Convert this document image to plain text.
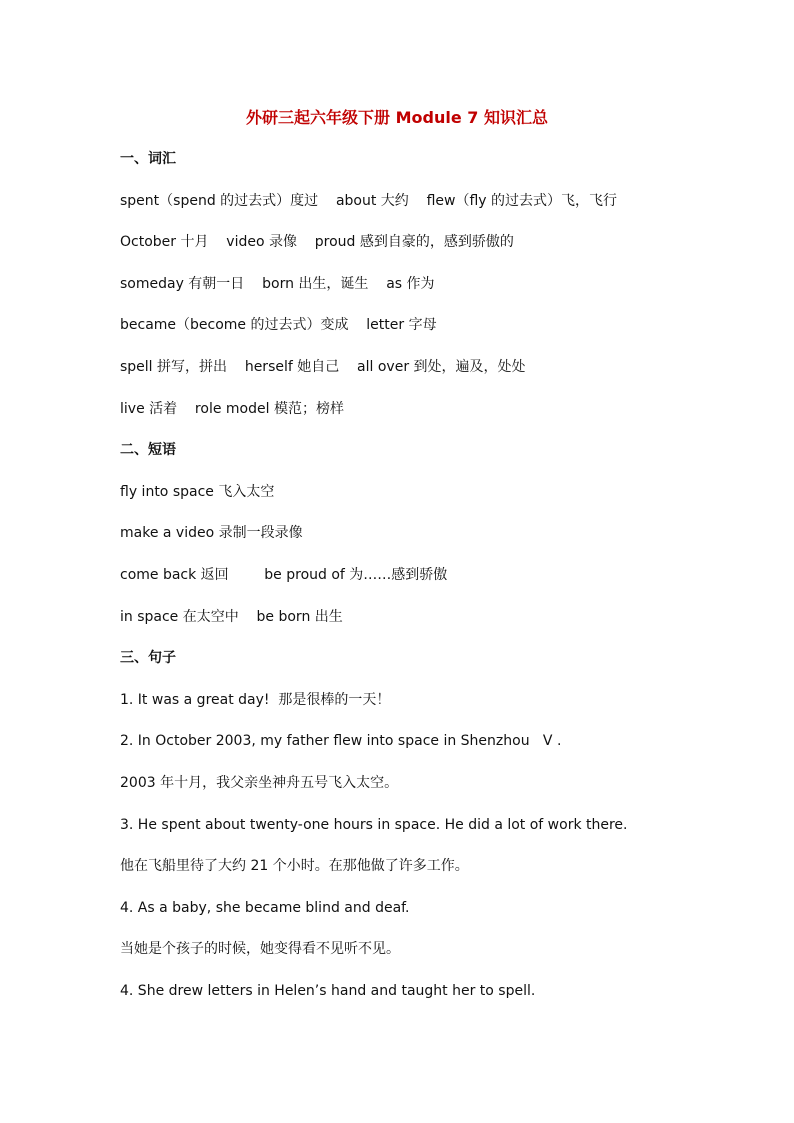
外研三起六年级下册 Module 7 知识汇总
一、词汇
spent（spend 的过去式）度过    about 大约    flew（fly 的过去式）飞，飞行
October 十月    video 录像    proud 感到自豪的，感到骄傲的
someday 有朝一日    born 出生，诞生    as 作为
became（become 的过去式）变成    letter 字母
spell 拼写，拼出    herself 她自己    all over 到处，遍及，处处
live 活着    role model 模范；榜样
二、短语
fly into space 飞入太空
make a video 录制一段录像
come back 返回        be proud of 为……感到骄傲
in space 在太空中    be born 出生
三、句子
1. It was a great day!  那是很棒的一天！
2. In October 2003, my father flew into space in Shenzhou   V .
2003 年十月，我父亲坐神舟五号飞入太空。
3. He spent about twenty-one hours in space. He did a lot of work there.
他在飞船里待了大约 21 个小时。在那他做了许多工作。
4. As a baby, she became blind and deaf.
当她是个孩子的时候，她变得看不见听不见。
4. She drew letters in Helen’s hand and taught her to spell.
